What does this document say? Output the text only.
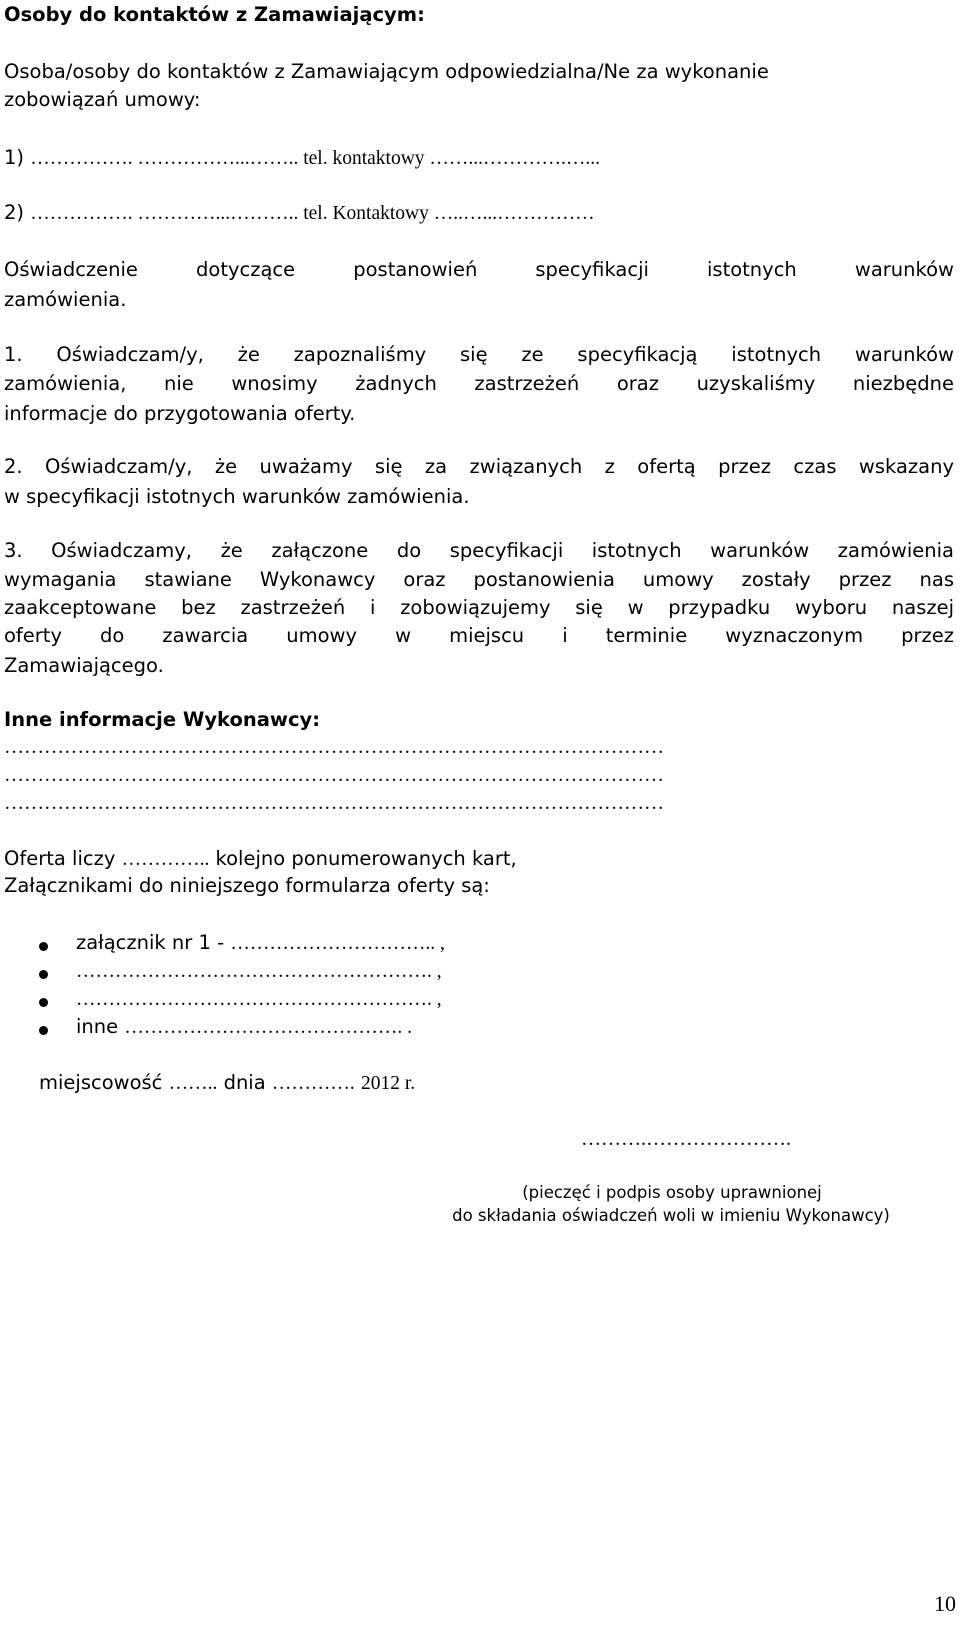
Osoby do kontaktów z Zamawiającym:
Osoba/osoby do kontaktów z Zamawiającym odpowiedzialna/Ne za wykonanie
zobowiązań umowy:
1) ……………. ……………...…….. tel. kontaktowy ……...………….…...
2) ……………. …………...……….. tel. Kontaktowy …..…...……………
Oświadczenie dotyczące postanowień specyfikacji istotnych warunków
zamówienia.
1. Oświadczam/y, że zapoznaliśmy się ze specyfikacją istotnych warunków
zamówienia, nie wnosimy żadnych zastrzeżeń oraz uzyskaliśmy niezbędne
informacje do przygotowania oferty.
2. Oświadczam/y, że uważamy się za związanych z ofertą przez czas wskazany
w specyfikacji istotnych warunków zamówienia.
3. Oświadczamy, że załączone do specyfikacji istotnych warunków zamówienia
wymagania stawiane Wykonawcy oraz postanowienia umowy zostały przez nas
zaakceptowane bez zastrzeżeń i zobowiązujemy się w przypadku wyboru naszej
oferty do zawarcia umowy w miejscu i terminie wyznaczonym przez
Zamawiającego.
Inne informacje Wykonawcy:
………………………………………………………………………………………
………………………………………………………………………………………
………………………………………………………………………………………
Oferta liczy ………….. kolejno ponumerowanych kart,
Załącznikami do niniejszego formularza oferty są:
załącznik nr 1 - ………………………….. ,
………………………………………………. ,
………………………………………………. ,
inne ……………………………………. .
miejscowość …….. dnia …………. 2012 r.
……….………………….
(pieczęć i podpis osoby uprawnionej
do składania oświadczeń woli w imieniu Wykonawcy)
10
